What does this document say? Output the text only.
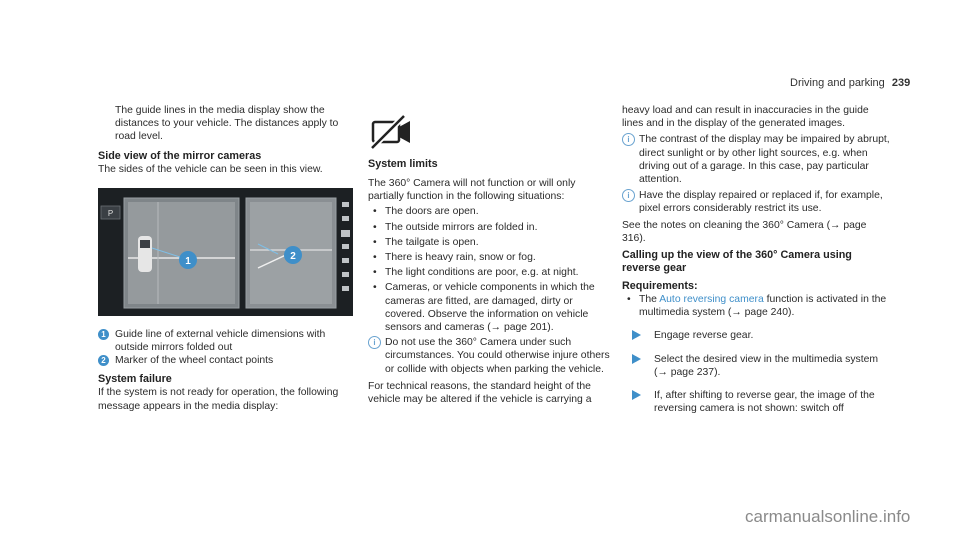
Driving and parking 239

The guide lines in the media display show the distances to your vehicle. The distances apply to road level.

Side view of the mirror cameras

The sides of the vehicle can be seen in this view.

P
1	2
1 Guide line of external vehicle dimensions with outside mirrors folded out
2 Marker of the wheel contact points
System failure

If the system is not ready for operation, the following message appears in the media display:

System limits

The 360° Camera will not function or will only partially function in the following situations:

• The doors are open.
• The outside mirrors are folded in.
• The tailgate is open.
• There is heavy rain, snow or fog.
• The light conditions are poor, e.g. at night.
• Cameras, or vehicle components in which the cameras are fitted, are damaged, dirty or covered. Observe the information on vehicle sensors and cameras (→ page 201).
i Do not use the 360° Camera under such circumstances. You could otherwise injure others or collide with objects when parking the vehicle.

For technical reasons, the standard height of the vehicle may be altered if the vehicle is carrying a

heavy load and can result in inaccuracies in the guide lines and in the display of the generated images.

i The contrast of the display may be impaired by abrupt, direct sunlight or by other light sources, e.g. when driving out of a garage. In this case, pay particular attention.
i Have the display repaired or replaced if, for example, pixel errors considerably restrict its use.

See the notes on cleaning the 360° Camera (→ page 316).

Calling up the view of the 360° Camera using reverse gear
Requirements:
• The Auto reversing camera function is activated in the multimedia system (→ page 240).
Engage reverse gear.
Select the desired view in the multimedia system (→ page 237).
If, after shifting to reverse gear, the image of the reversing camera is not shown: switch off
carmanualsonline.info
